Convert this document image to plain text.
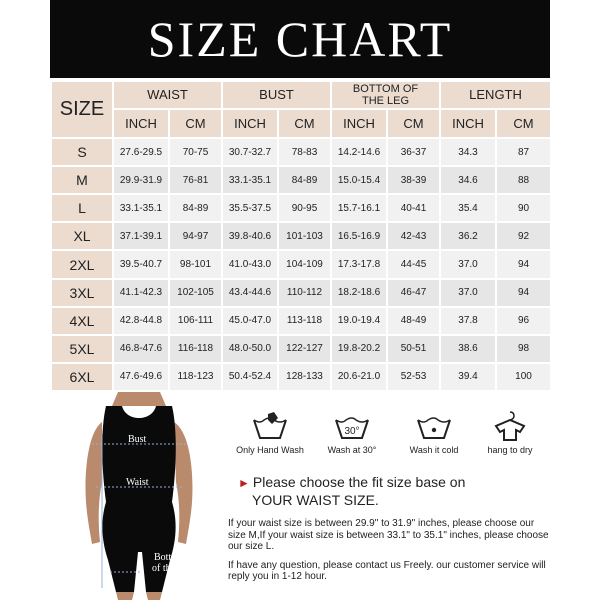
SIZE CHART
SIZE	WAIST		BUST		BOTTOM OF THE LEG		LENGTH	
	INCH	CM	INCH	CM	INCH	CM	INCH	CM
S	27.6-29.5	70-75	30.7-32.7	78-83	14.2-14.6	36-37	34.3	87
M	29.9-31.9	76-81	33.1-35.1	84-89	15.0-15.4	38-39	34.6	88
L	33.1-35.1	84-89	35.5-37.5	90-95	15.7-16.1	40-41	35.4	90
XL	37.1-39.1	94-97	39.8-40.6	101-103	16.5-16.9	42-43	36.2	92
2XL	39.5-40.7	98-101	41.0-43.0	104-109	17.3-17.8	44-45	37.0	94
3XL	41.1-42.3	102-105	43.4-44.6	110-112	18.2-18.6	46-47	37.0	94
4XL	42.8-44.8	106-111	45.0-47.0	113-118	19.0-19.4	48-49	37.8	96
5XL	46.8-47.6	116-118	48.0-50.0	122-127	19.8-20.2	50-51	38.6	98
6XL	47.6-49.6	118-123	50.4-52.4	128-133	20.6-21.0	52-53	39.4	100
Bust
Waist
Bottom
of the leg
Only Hand Wash
30°
Wash at 30°	Wash it cold	hang to dry
► Please choose the fit size base on
YOUR WAIST SIZE.

If your waist size is between 29.9" to 31.9" inches, please choose our size M,If your waist size is between 33.1" to 35.1" inches, please choose our size L.

If have any question, please contact us Freely. our customer service will reply you in 1-12 hour.
